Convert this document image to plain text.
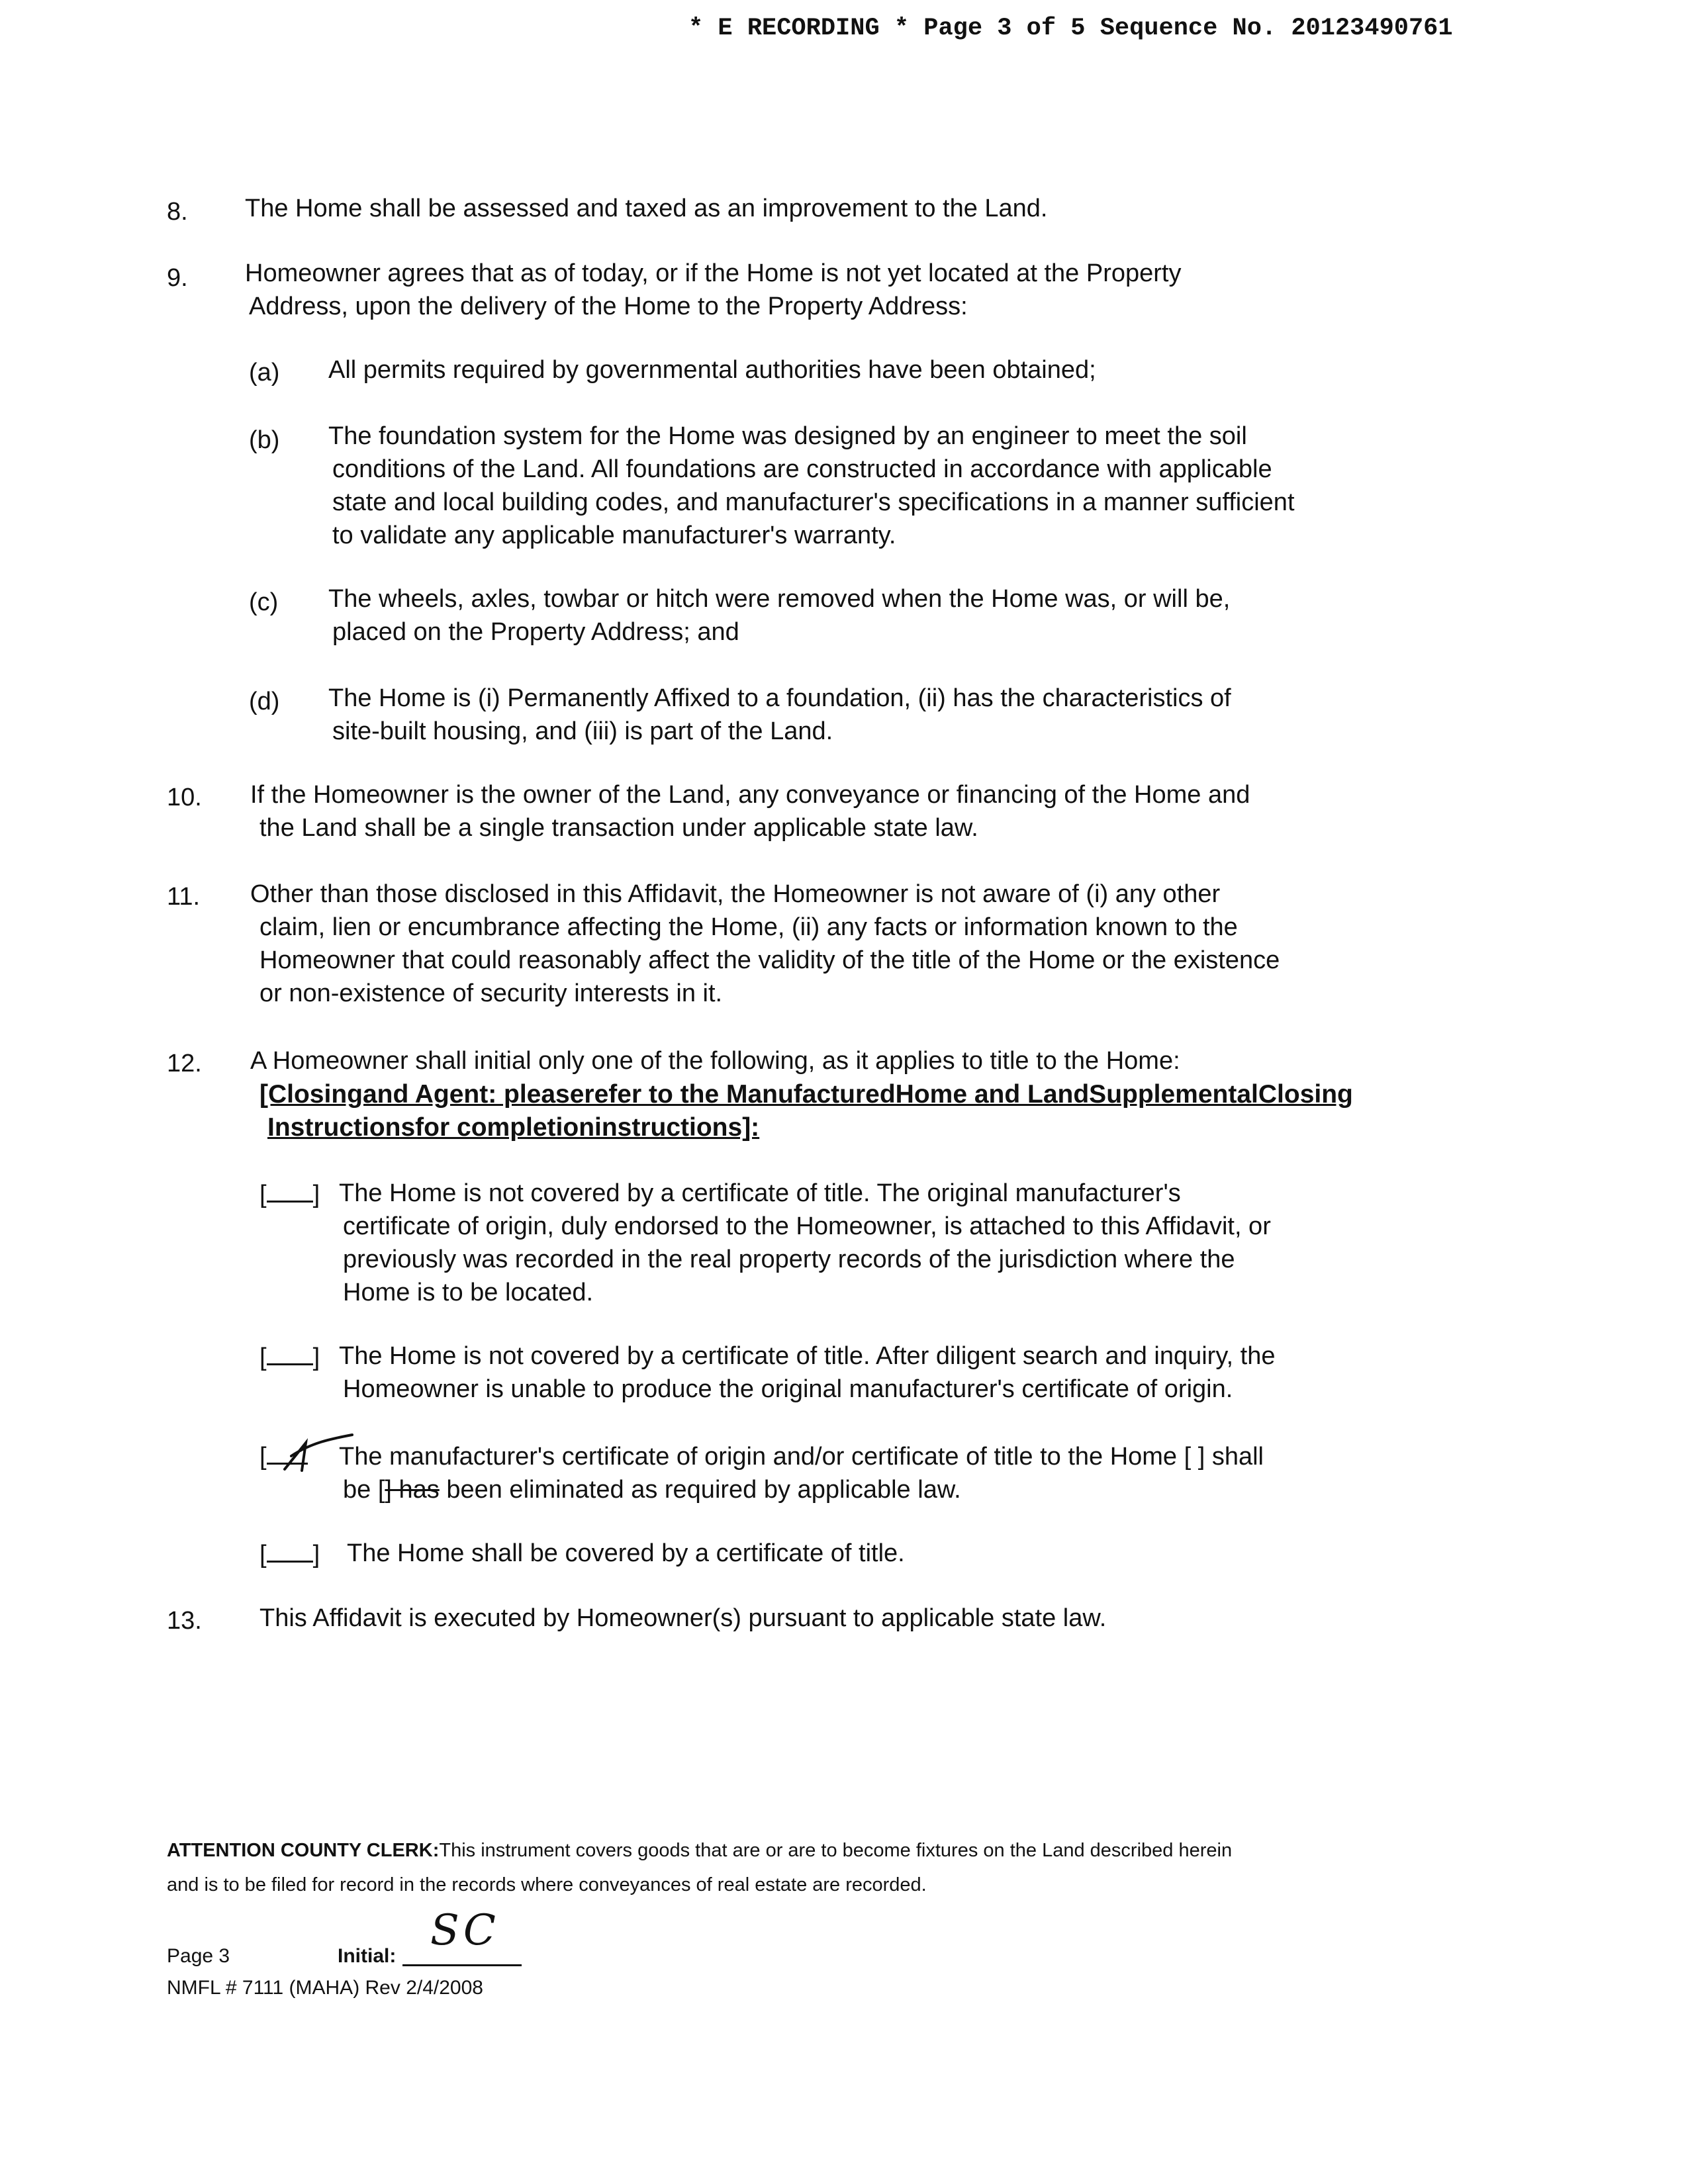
* E RECORDING * Page 3 of 5 Sequence No. 20123490761
8. The Home shall be assessed and taxed as an improvement to the Land.
9. Homeowner agrees that as of today, or if the Home is not yet located at the Property
Address, upon the delivery of the Home to the Property Address:
(a) All permits required by governmental authorities have been obtained;
(b) The foundation system for the Home was designed by an engineer to meet the soil
conditions of the Land. All foundations are constructed in accordance with applicable
state and local building codes, and manufacturer's specifications in a manner sufficient
to validate any applicable manufacturer's warranty.
(c) The wheels, axles, towbar or hitch were removed when the Home was, or will be,
placed on the Property Address; and
(d) The Home is (i) Permanently Affixed to a foundation, (ii) has the characteristics of
site-built housing, and (iii) is part of the Land.
10. If the Homeowner is the owner of the Land, any conveyance or financing of the Home and
the Land shall be a single transaction under applicable state law.
11. Other than those disclosed in this Affidavit, the Homeowner is not aware of (i) any other
claim, lien or encumbrance affecting the Home, (ii) any facts or information known to the
Homeowner that could reasonably affect the validity of the title of the Home or the existence
or non-existence of security interests in it.
12. A Homeowner shall initial only one of the following, as it applies to title to the Home:
[Closingand Agent: pleaserefer to the ManufacturedHome and LandSupplementalClosing
Instructionsfor completioninstructions]:
[ ] The Home is not covered by a certificate of title. The original manufacturer's
certificate of origin, duly endorsed to the Homeowner, is attached to this Affidavit, or
previously was recorded in the real property records of the jurisdiction where the
Home is to be located.
[ ] The Home is not covered by a certificate of title. After diligent search and inquiry, the
Homeowner is unable to produce the original manufacturer's certificate of origin.
[	The manufacturer's certificate of origin and/or certificate of title to the Home [ ] shall
be [] has been eliminated as required by applicable law.
[ ] The Home shall be covered by a certificate of title.
13. This Affidavit is executed by Homeowner(s) pursuant to applicable state law.
ATTENTION COUNTY CLERK:This instrument covers goods that are or are to become fixtures on the Land described herein
and is to be filed for record in the records where conveyances of real estate are recorded.
Page 3	Initial:
SC
NMFL # 7111 (MAHA) Rev 2/4/2008
